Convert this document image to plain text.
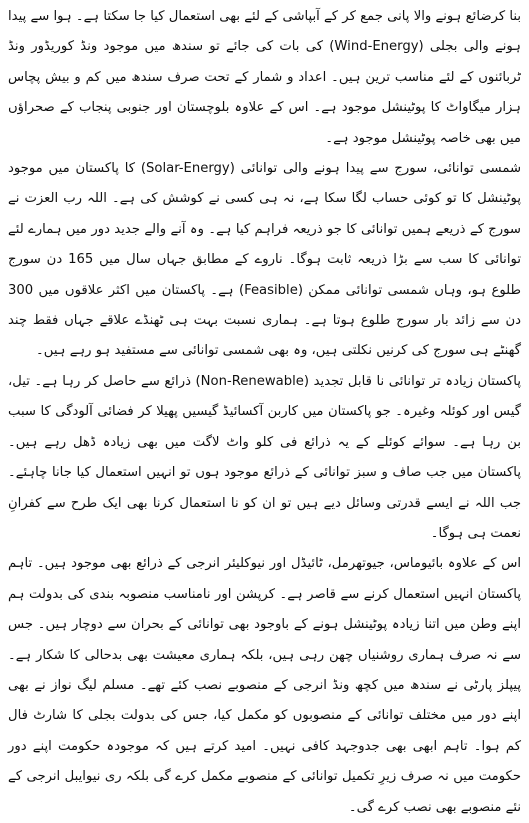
بنا کرضائع ہونے والا پانی جمع کر کے آبپاشی کے لئے بھی استعمال کیا جا سکتا ہے۔ ہوا سے پیدا ہونے والی بجلی (Wind-Energy) کی بات کی جائے تو سندھ میں موجود ونڈ کوریڈور ونڈ ٹربائنوں کے لئے مناسب ترین ہیں۔ اعداد و شمار کے تحت صرف سندھ میں کم و بیش پچاس ہزار میگاواٹ کا پوٹینشل موجود ہے۔ اس کے علاوہ بلوچستان اور جنوبی پنجاب کے صحراؤں میں بھی خاصہ پوٹینشل موجود ہے۔

شمسی توانائی، سورج سے پیدا ہونے والی توانائی (Solar-Energy) کا پاکستان میں موجود پوٹینشل کا تو کوئی حساب لگا سکا ہے، نہ ہی کسی نے کوشش کی ہے۔ اللہ رب العزت نے سورج کے ذریعے ہمیں توانائی کا جو ذریعہ فراہم کیا ہے۔ وہ آنے والے جدید دور میں ہمارے لئے توانائی کا سب سے بڑا ذریعہ ثابت ہوگا۔ ناروے کے مطابق جہاں سال میں 165 دن سورج طلوع ہو، وہاں شمسی توانائی ممکن (Feasible) ہے۔ پاکستان میں اکثر علاقوں میں 300 دن سے زائد بار سورج طلوع ہوتا ہے۔ ہماری نسبت بہت ہی ٹھنڈے علاقے جہاں فقط چند گھنٹے ہی سورج کی کرنیں نکلتی ہیں، وہ بھی شمسی توانائی سے مستفید ہو رہے ہیں۔

پاکستان زیادہ تر توانائی نا قابل تجدید (Non-Renewable) ذرائع سے حاصل کر رہا ہے۔ تیل، گیس اور کوئلہ وغیرہ۔ جو پاکستان میں کاربن آکسائیڈ گیسیں پھیلا کر فضائی آلودگی کا سبب بن رہا ہے۔ سوائے کوئلے کے یہ ذرائع فی کلو واٹ لاگت میں بھی زیادہ ڈھل رہے ہیں۔ پاکستان میں جب صاف و سبز توانائی کے ذرائع موجود ہوں تو انہیں استعمال کیا جانا چاہئے۔ جب اللہ نے ایسے قدرتی وسائل دیے ہیں تو ان کو نا استعمال کرنا بھی ایک طرح سے کفرانِ نعمت ہی ہوگا۔

اس کے علاوہ بائیوماس، جیوتھرمل، ٹائیڈل اور نیوکلیئر انرجی کے ذرائع بھی موجود ہیں۔ تاہم پاکستان انہیں استعمال کرنے سے قاصر ہے۔ کرپشن اور نامناسب منصوبہ بندی کی بدولت ہم اپنے وطن میں اتنا زیادہ پوٹینشل ہونے کے باوجود بھی توانائی کے بحران سے دوچار ہیں۔ جس سے نہ صرف ہماری روشنیاں چھن رہی ہیں، بلکہ ہماری معیشت بھی بدحالی کا شکار ہے۔ پیپلز پارٹی نے سندھ میں کچھ ونڈ انرجی کے منصوبے نصب کئے تھے۔ مسلم لیگ نواز نے بھی اپنے دور میں مختلف توانائی کے منصوبوں کو مکمل کیا، جس کی بدولت بجلی کا شارٹ فال کم ہوا۔ تاہم ابھی بھی جدوجہد کافی نہیں۔ امید کرتے ہیں کہ موجودہ حکومت اپنے دور حکومت میں نہ صرف زیرِ تکمیل توانائی کے منصوبے مکمل کرے گی بلکہ ری نیوایبل انرجی کے نئے منصوبے بھی نصب کرے گی۔
